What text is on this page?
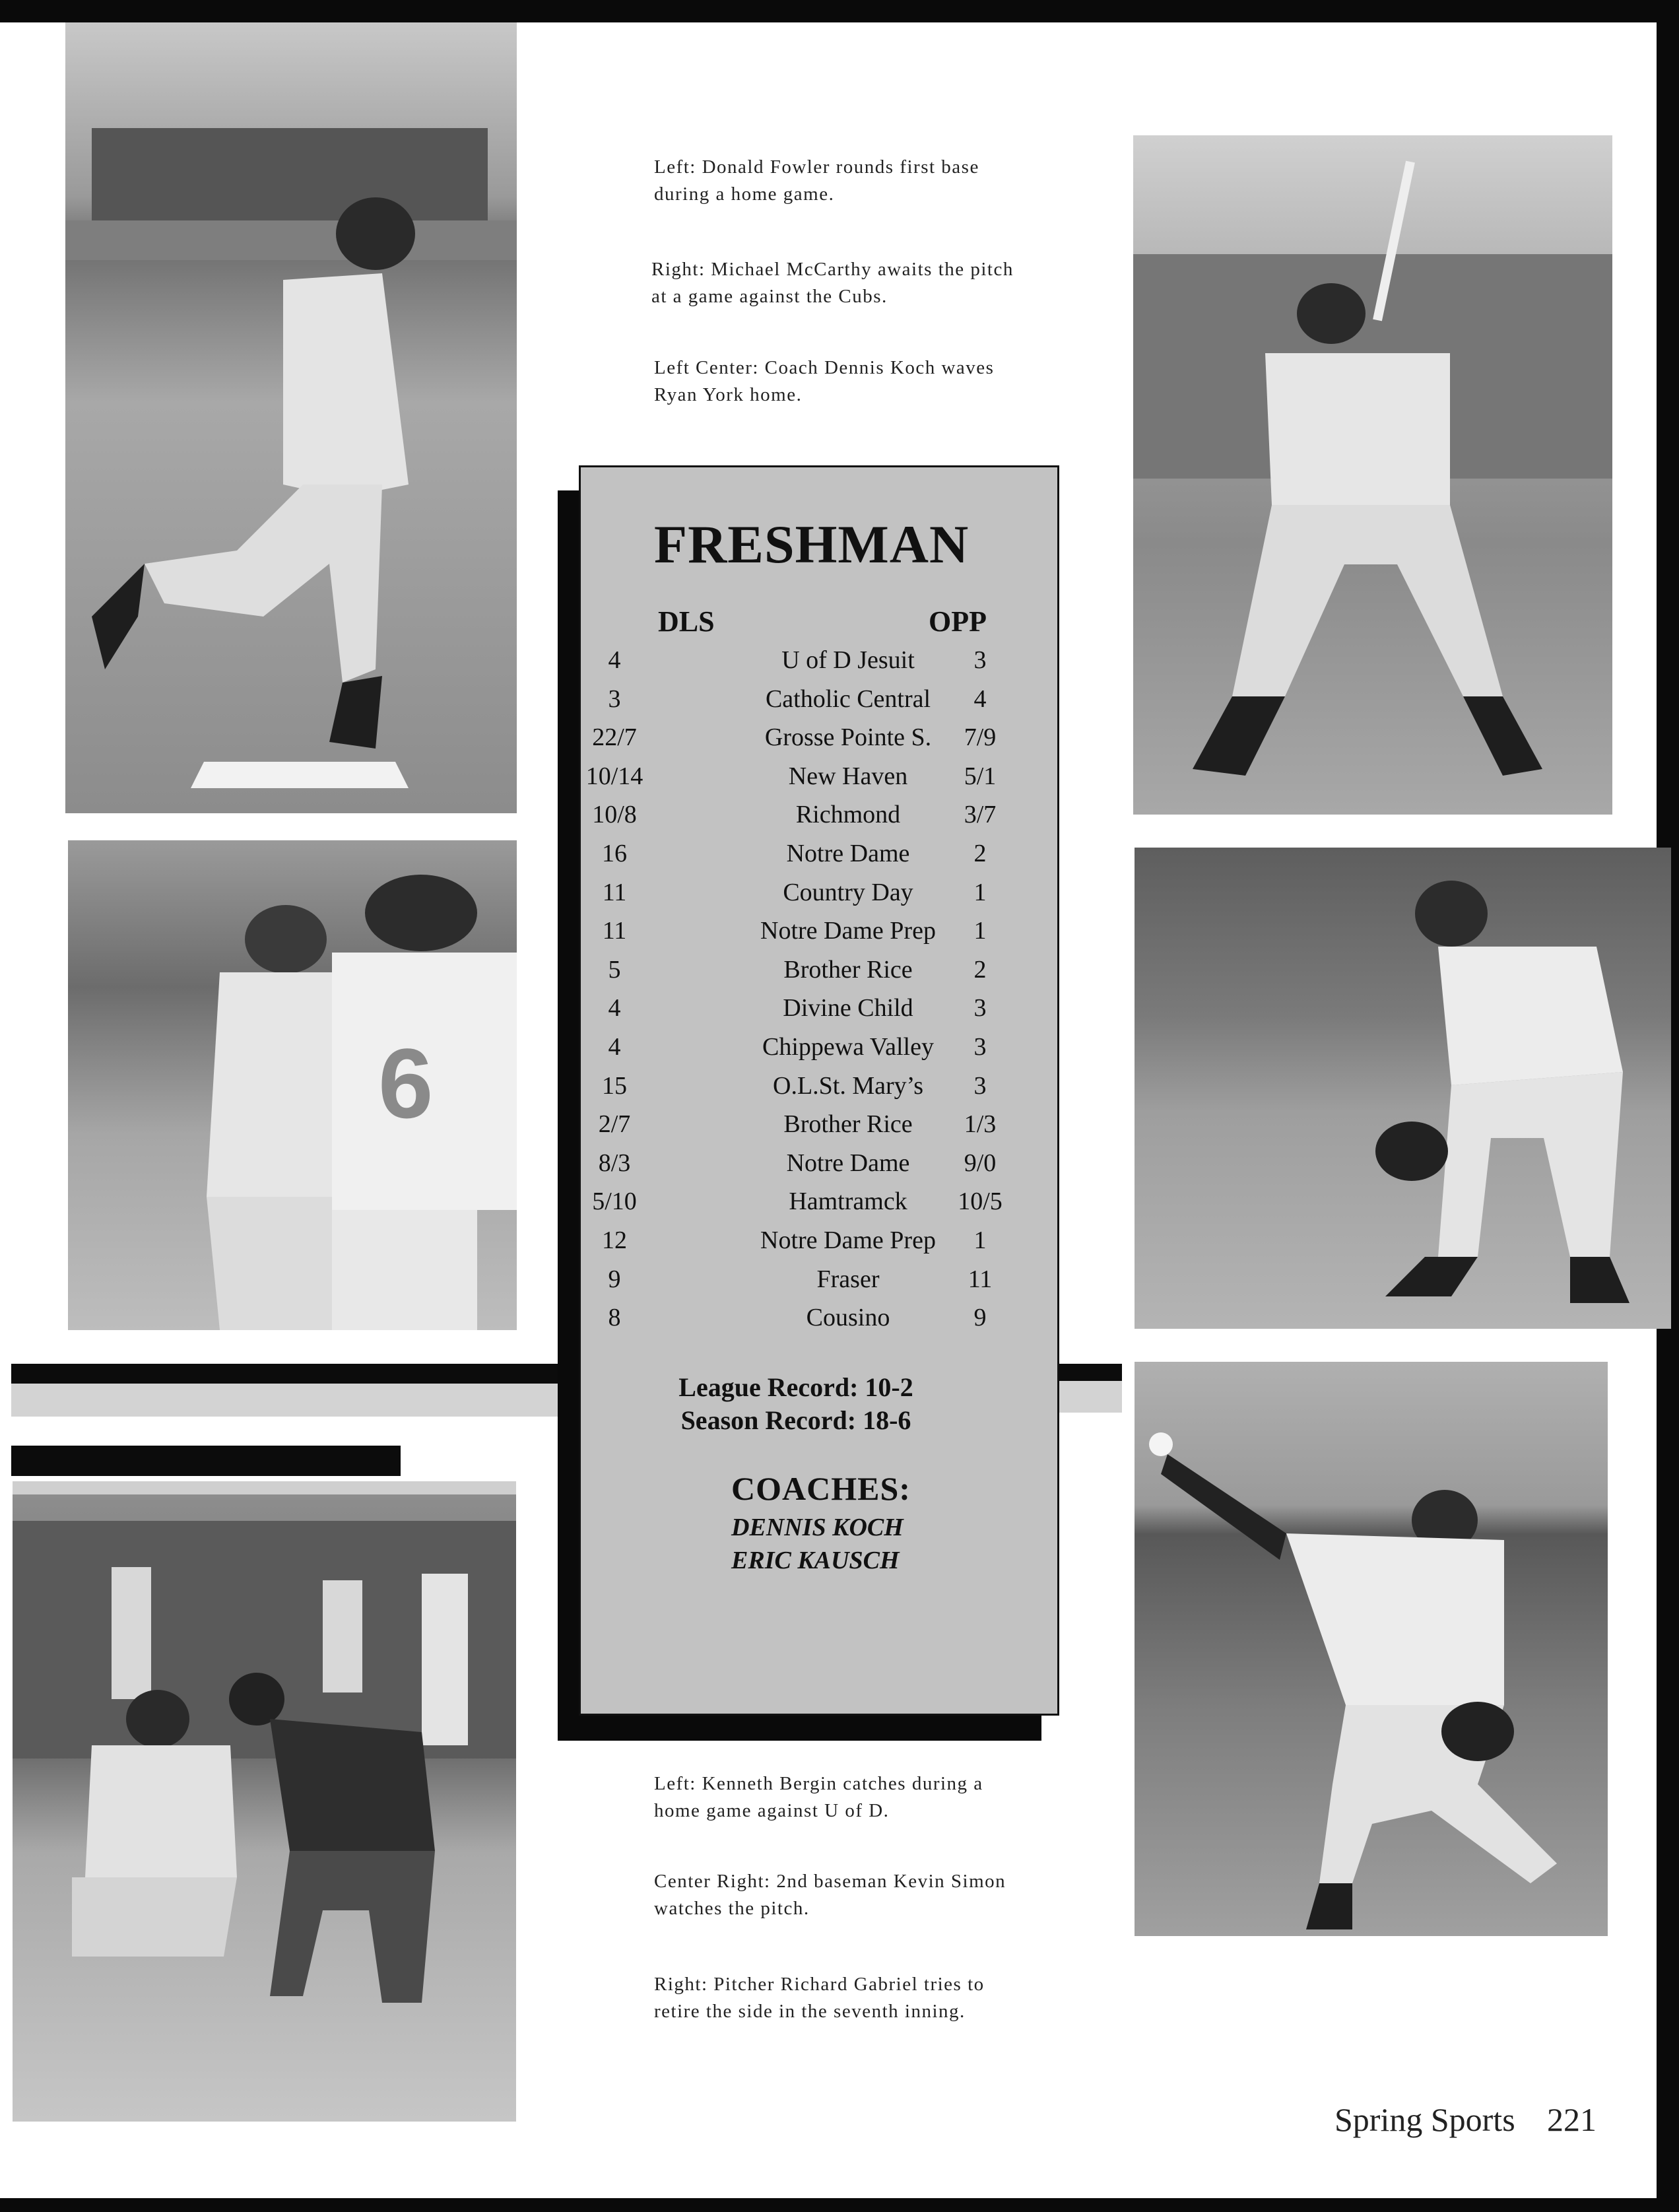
6
Left: Donald Fowler rounds first base during a home game.
Right: Michael McCarthy awaits the pitch at a game against the Cubs.
Left Center: Coach Dennis Koch waves Ryan York home.
FRESHMAN
DLS	OPP
4	U of D Jesuit	3
3	Catholic Central	4
22/7	Grosse Pointe S.	7/9
10/14	New Haven	5/1
10/8	Richmond	3/7
16	Notre Dame	2
11	Country Day	1
11	Notre Dame Prep	1
5	Brother Rice	2
4	Divine Child	3
4	Chippewa Valley	3
15	O.L.St. Mary’s	3
2/7	Brother Rice	1/3
8/3	Notre Dame	9/0
5/10	Hamtramck	10/5
12	Notre Dame Prep	1
9	Fraser	11
8	Cousino	9
League Record: 10-2
Season Record: 18-6
COACHES:
DENNIS KOCH
ERIC KAUSCH
Left: Kenneth Bergin catches during a home game against U of D.
Center Right: 2nd baseman Kevin Simon watches the pitch.
Right: Pitcher Richard Gabriel tries to retire the side in the seventh inning.
Spring Sports 221
